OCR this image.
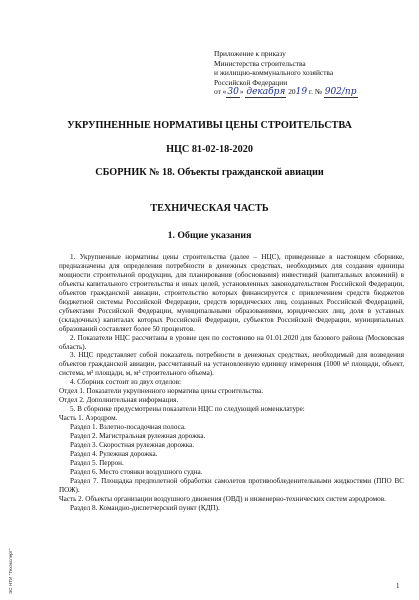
Приложение к приказу
Министерства строительства
и жилищно-коммунального хозяйства
Российской Федерации
от «30» декабря 2019 г. № 902/пр
УКРУПНЕННЫЕ НОРМАТИВЫ ЦЕНЫ СТРОИТЕЛЬСТВА
НЦС 81-02-18-2020
СБОРНИК № 18. Объекты гражданской авиации
ТЕХНИЧЕСКАЯ ЧАСТЬ
1. Общие указания

1. Укрупненные нормативы цены строительства (далее – НЦС), приведенные в настоящем сборнике, предназначены для определения потребности в денежных средствах, необходимых для создания единицы мощности строительной продукции, для планирования (обоснования) инвестиций (капитальных вложений) в объекты капитального строительства и иных целей, установленных законодательством Российской Федерации, объектов гражданской авиации, строительство которых финансируется с привлечением средств бюджетов бюджетной системы Российской Федерации, средств юридических лиц, созданных Российской Федерацией, субъектами Российской Федерации, муниципальными образованиями, юридических лиц, доля в уставных (складочных) капиталах которых Российской Федерации, субъектов Российской Федерации, муниципальных образований составляет более 50 процентов.

2. Показатели НЦС рассчитаны в уровне цен по состоянию на 01.01.2020 для базового района (Московская область).

3. НЦС представляет собой показатель потребности в денежных средствах, необходимый для возведения объектов гражданской авиации, рассчитанный на установленную единицу измерения (1000 м² площади, объект, система, м² площади, м, м³ строительного объема).

4. Сборник состоит из двух отделов:

Отдел 1. Показатели укрупненного норматива цены строительства.

Отдел 2. Дополнительная информация.

5. В сборнике предусмотрены показатели НЦС по следующей номенклатуре:

Часть 1. Аэродром.

Раздел 1. Взлетно-посадочная полоса.

Раздел 2. Магистральная рулежная дорожка.

Раздел 3. Скоростная рулежная дорожка.

Раздел 4. Рулежная дорожка.

Раздел 5. Перрон.

Раздел 6. Место стоянки воздушного судна.

Раздел 7. Площадка предполетной обработки самолетов противообледенительными жидкостями (ППО ВС ПОЖ).

Часть 2. Объекты организации воздушного движения (ОВД) и инженерно-технических систем аэродромов.

Раздел 8. Командно-диспетчерский пункт (КДП).

ЭС НТИ "Техэксперт"	1
